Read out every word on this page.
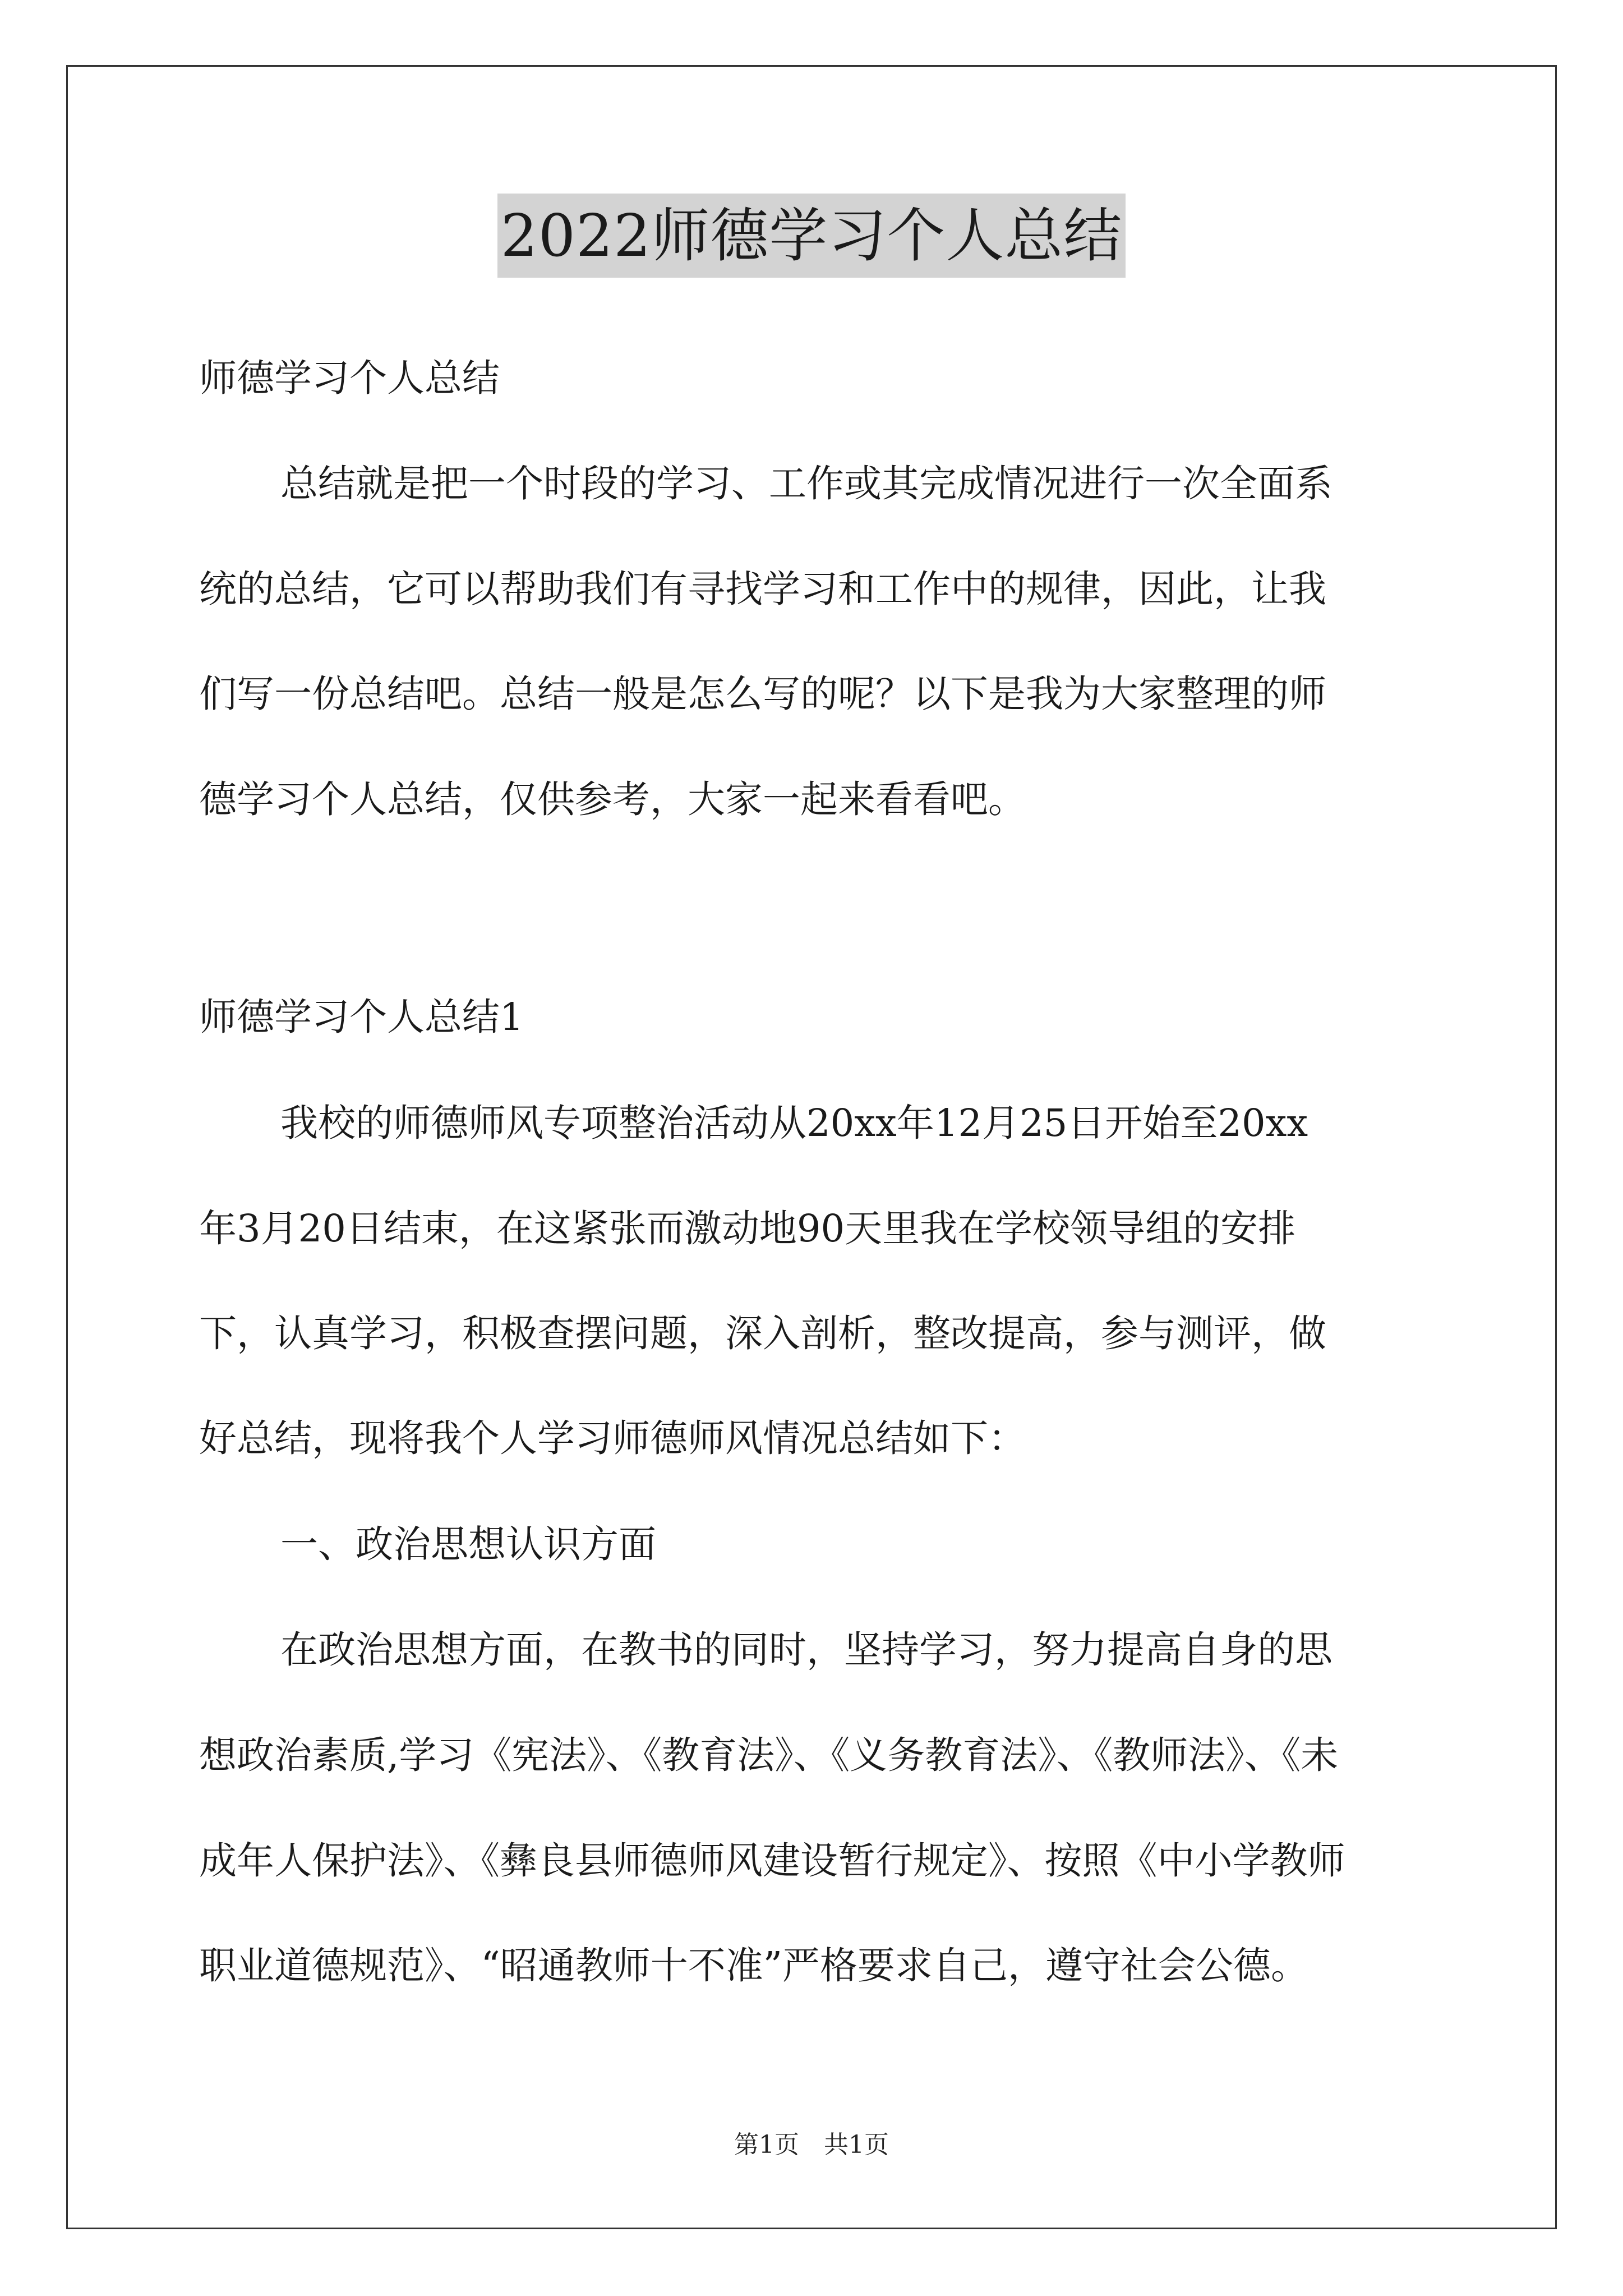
2022师德学习个人总结
师德学习个人总结
总结就是把一个时段的学习、工作或其完成情况进行一次全面系
统的总结，它可以帮助我们有寻找学习和工作中的规律，因此，让我
们写一份总结吧。总结一般是怎么写的呢？以下是我为大家整理的师
德学习个人总结，仅供参考，大家一起来看看吧。
师德学习个人总结1
我校的师德师风专项整治活动从20xx年12月25日开始至20xx
年3月20日结束，在这紧张而激动地90天里我在学校领导组的安排
下，认真学习，积极查摆问题，深入剖析，整改提高，参与测评，做
好总结，现将我个人学习师德师风情况总结如下：
一、政治思想认识方面
在政治思想方面，在教书的同时，坚持学习，努力提高自身的思
想政治素质,学习《宪法》、《教育法》、《义务教育法》、《教师法》、《未
成年人保护法》、《彝良县师德师风建设暂行规定》、按照《中小学教师
职业道德规范》、“昭通教师十不准”严格要求自己，遵守社会公德。
第1页　共1页
